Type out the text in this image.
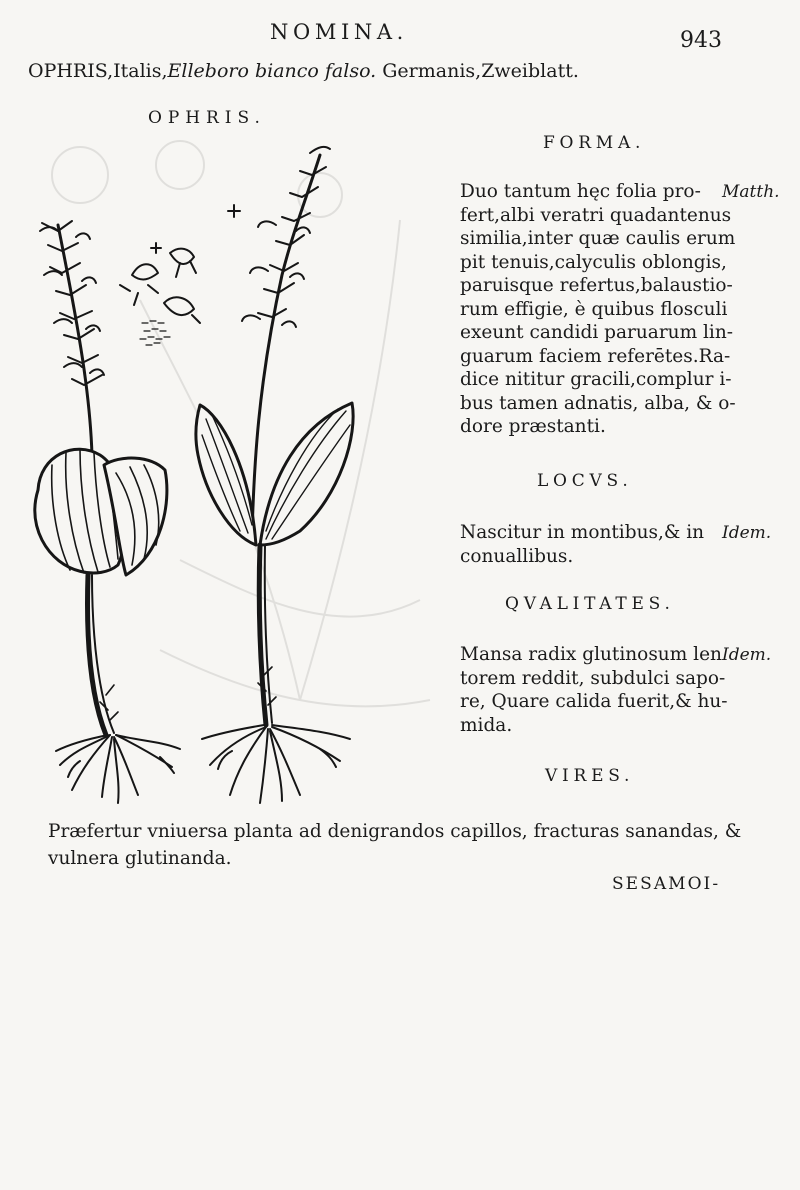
NOMINA.	943
OPHRIS,Italis,Elleboro bianco falso. Germanis,Zweiblatt.
OPHRIS.
FORMA.
Matth.
Duo tantum hęc folia pro-
fert,albi veratri quadantenus
similia,inter quæ caulis erum
pit tenuis,calyculis oblongis,
paruisque refertus,balaustio-
rum effigie, è quibus flosculi
exeunt candidi paruarum lin-
guarum faciem referētes.Ra-
dice nititur gracili,complur i-
bus tamen adnatis, alba, & o-
dore præstanti.
LOCVS.
Idem.
Nascitur in montibus,& in
conuallibus.
QVALITATES.
Idem.
Mansa radix glutinosum len
torem reddit, subdulci sapo-
re, Quare calida fuerit,& hu-
mida.
VIRES.
Præfertur vniuersa planta ad denigrandos capillos, fracturas sanandas, & vulnera glutinanda.
SESAMOI-
